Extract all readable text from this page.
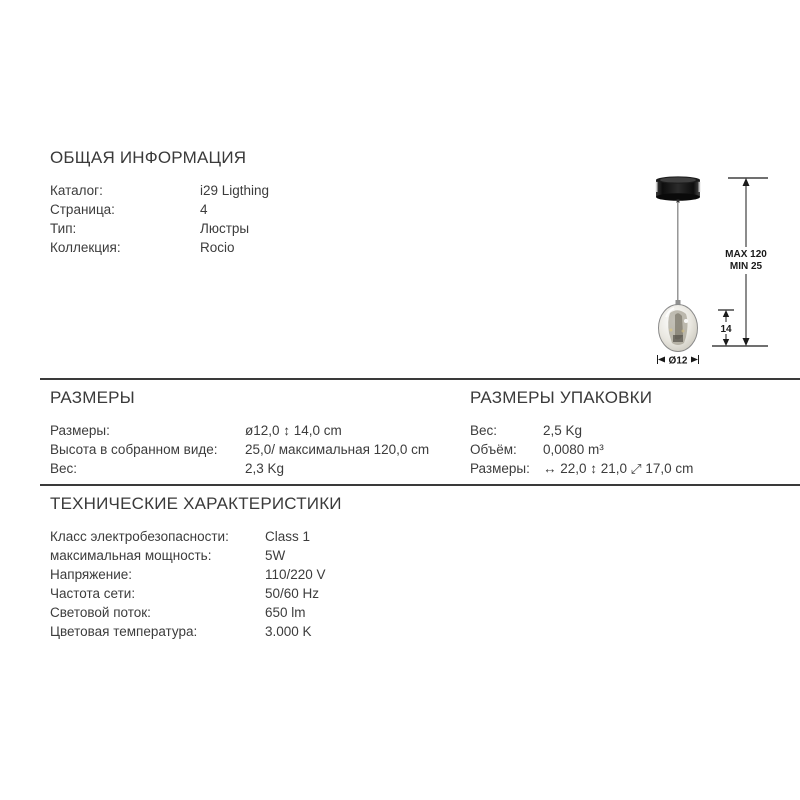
ОБЩАЯ ИНФОРМАЦИЯ
Каталог:	i29 Ligthing
Страница:	4
Тип:	Люстры
Коллекция:	Rocio
Ø12
MAX 120
MIN 25
14
РАЗМЕРЫ
Размеры:	ø12,0 ↕ 14,0 cm
Высота в собранном виде:	25,0/ максимальная 120,0 cm
Вес:	2,3 Kg
РАЗМЕРЫ УПАКОВКИ
Вес:	2,5 Kg
Объём:	0,0080 m³
Размеры: ↔ 22,0 ↕ 21,0 ⤢ 17,0 cm
ТЕХНИЧЕСКИЕ ХАРАКТЕРИСТИКИ
Класс электробезопасности:	Class 1
максимальная мощность:	5W
Напряжение:	110/220 V
Частота сети:	50/60 Hz
Световой поток:	650 lm
Цветовая температура:	3.000 K
